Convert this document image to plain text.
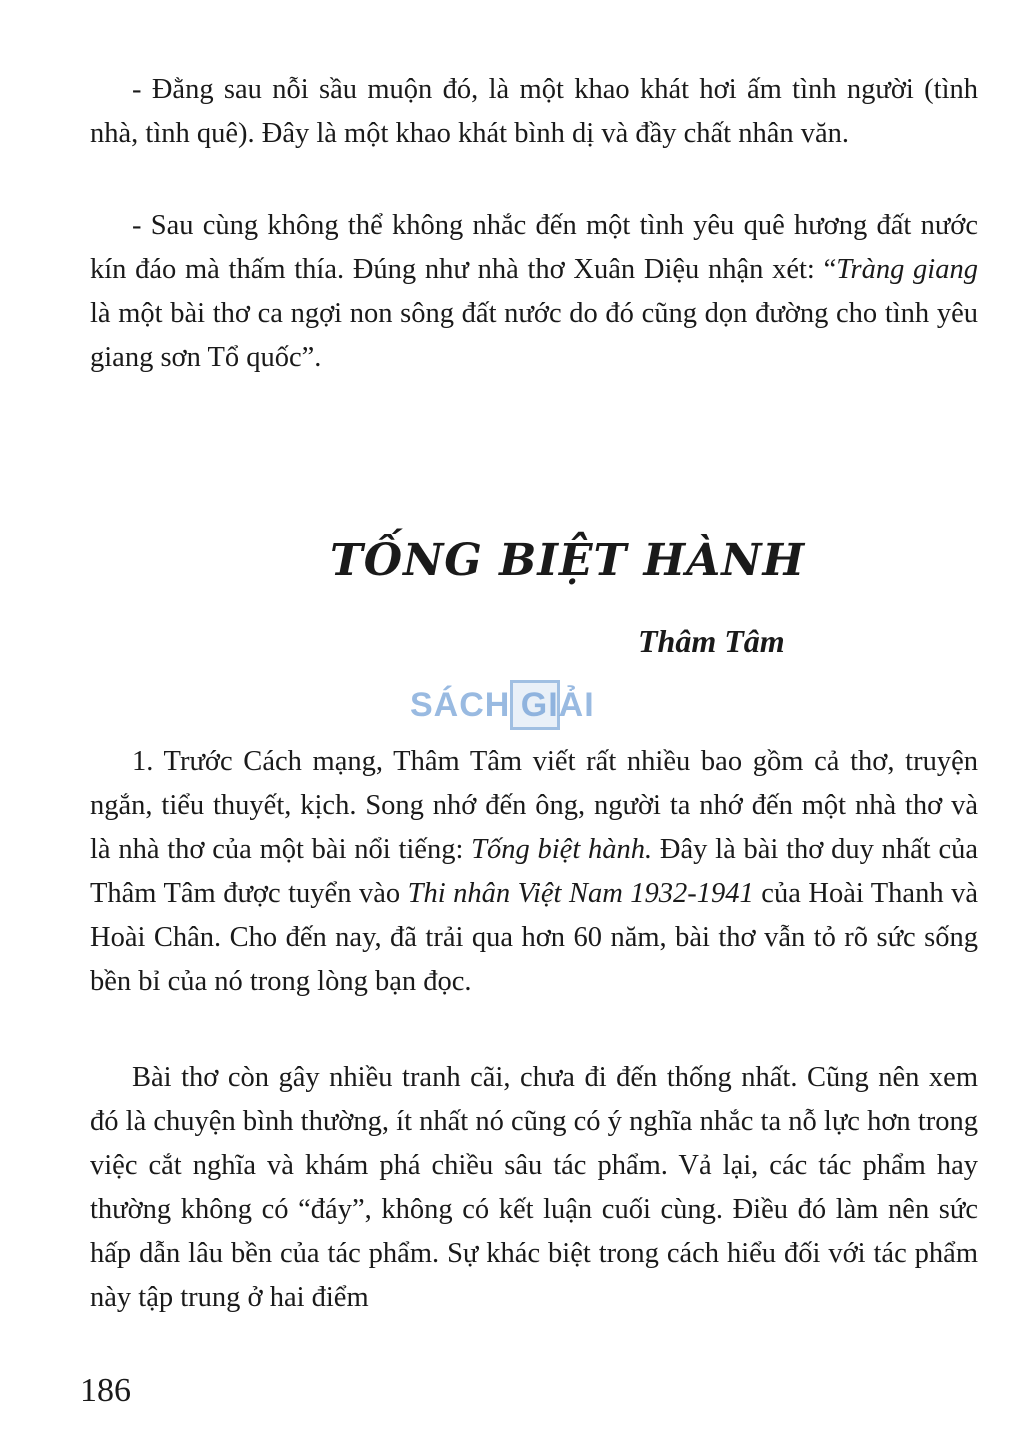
- Đằng sau nỗi sầu muộn đó, là một khao khát hơi ấm tình người (tình nhà, tình quê). Đây là một khao khát bình dị và đầy chất nhân văn.

- Sau cùng không thể không nhắc đến một tình yêu quê hương đất nước kín đáo mà thấm thía. Đúng như nhà thơ Xuân Diệu nhận xét: “Tràng giang là một bài thơ ca ngợi non sông đất nước do đó cũng dọn đường cho tình yêu giang sơn Tổ quốc”.

TỐNG BIỆT HÀNH

Thâm Tâm

SÁCH GIẢI

1. Trước Cách mạng, Thâm Tâm viết rất nhiều bao gồm cả thơ, truyện ngắn, tiểu thuyết, kịch. Song nhớ đến ông, người ta nhớ đến một nhà thơ và là nhà thơ của một bài nổi tiếng: Tống biệt hành. Đây là bài thơ duy nhất của Thâm Tâm được tuyển vào Thi nhân Việt Nam 1932-1941 của Hoài Thanh và Hoài Chân. Cho đến nay, đã trải qua hơn 60 năm, bài thơ vẫn tỏ rõ sức sống bền bỉ của nó trong lòng bạn đọc.

Bài thơ còn gây nhiều tranh cãi, chưa đi đến thống nhất. Cũng nên xem đó là chuyện bình thường, ít nhất nó cũng có ý nghĩa nhắc ta nỗ lực hơn trong việc cắt nghĩa và khám phá chiều sâu tác phẩm. Vả lại, các tác phẩm hay thường không có “đáy”, không có kết luận cuối cùng. Điều đó làm nên sức hấp dẫn lâu bền của tác phẩm. Sự khác biệt trong cách hiểu đối với tác phẩm này tập trung ở hai điểm

186
